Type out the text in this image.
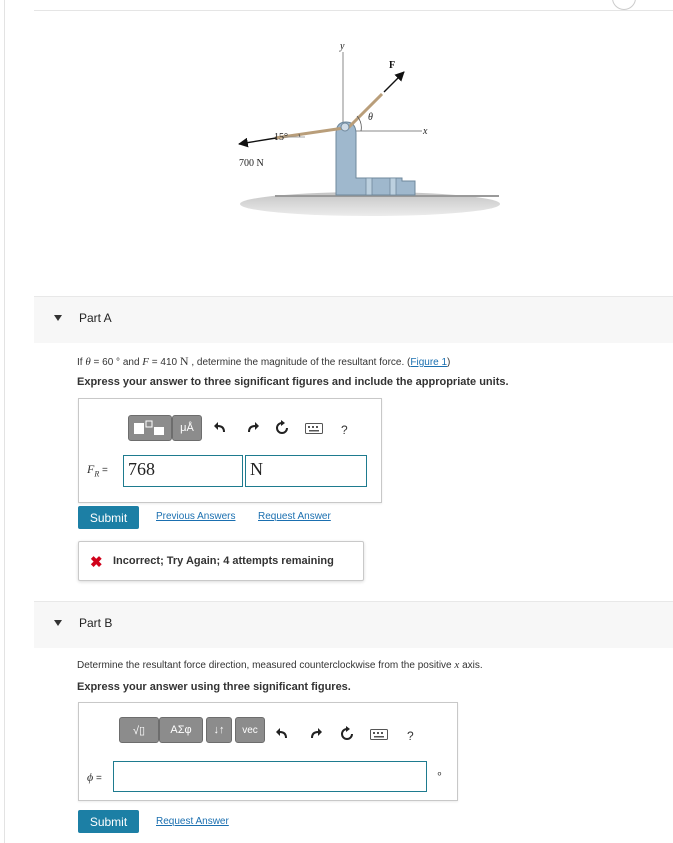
y
x
F
θ
15°
700 N
Part A
If θ = 60 ° and F = 410 N , determine the magnitude of the resultant force. (Figure 1)
Express your answer to three significant figures and include the appropriate units.
μÅ	?
$F_R = 768$	N
Submit	Previous Answers Request Answer
✖ Incorrect; Try Again; 4 attempts remaining
Part B
Determine the resultant force direction, measured counterclockwise from the positive x axis.
Express your answer using three significant figures.
√▯ ΑΣφ ↓↑ vec	?
ϕ =	∘
Submit	Request Answer
